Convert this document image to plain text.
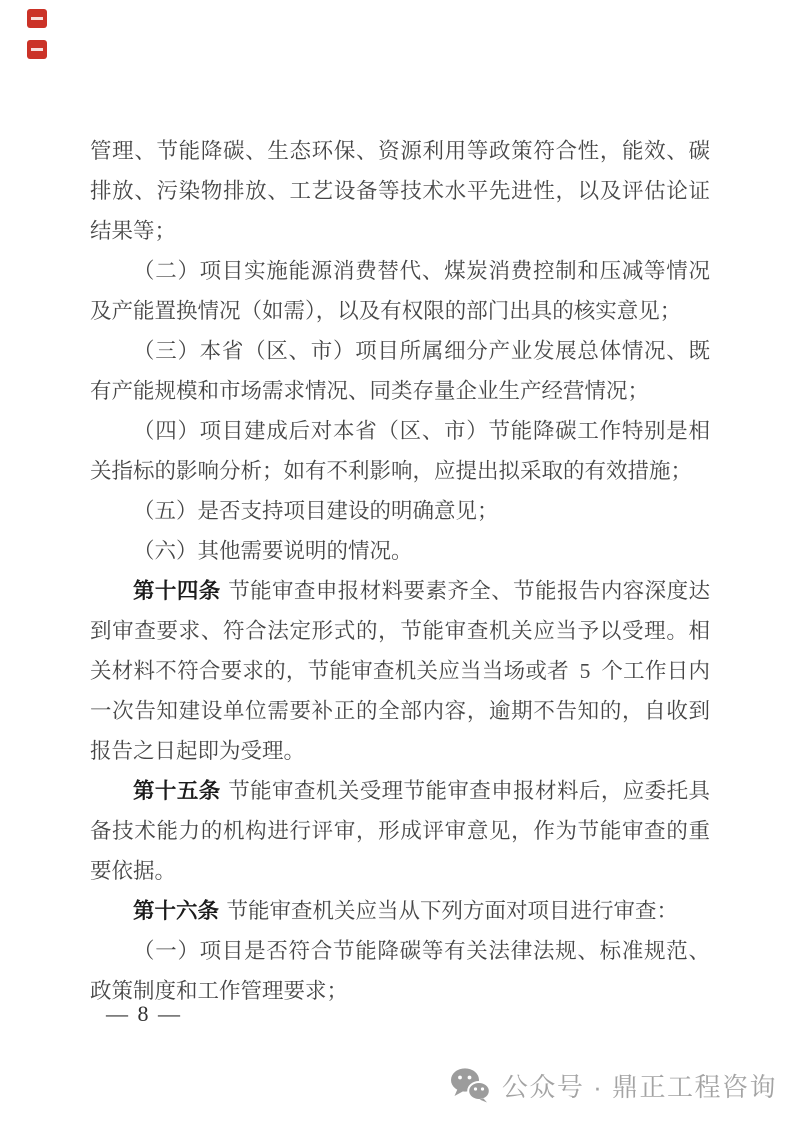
管理、节能降碳、生态环保、资源利用等政策符合性，能效、碳排放、污染物排放、工艺设备等技术水平先进性，以及评估论证结果等；

（二）项目实施能源消费替代、煤炭消费控制和压减等情况及产能置换情况（如需），以及有权限的部门出具的核实意见；

（三）本省（区、市）项目所属细分产业发展总体情况、既有产能规模和市场需求情况、同类存量企业生产经营情况；

（四）项目建成后对本省（区、市）节能降碳工作特别是相关指标的影响分析；如有不利影响，应提出拟采取的有效措施；

（五）是否支持项目建设的明确意见；

（六）其他需要说明的情况。

第十四条 节能审查申报材料要素齐全、节能报告内容深度达到审查要求、符合法定形式的，节能审查机关应当予以受理。相关材料不符合要求的，节能审查机关应当当场或者 5 个工作日内一次告知建设单位需要补正的全部内容，逾期不告知的，自收到报告之日起即为受理。

第十五条 节能审查机关受理节能审查申报材料后，应委托具备技术能力的机构进行评审，形成评审意见，作为节能审查的重要依据。

第十六条 节能审查机关应当从下列方面对项目进行审查：

（一）项目是否符合节能降碳等有关法律法规、标准规范、政策制度和工作管理要求；

— 8 —
公众号 · 鼎正工程咨询
